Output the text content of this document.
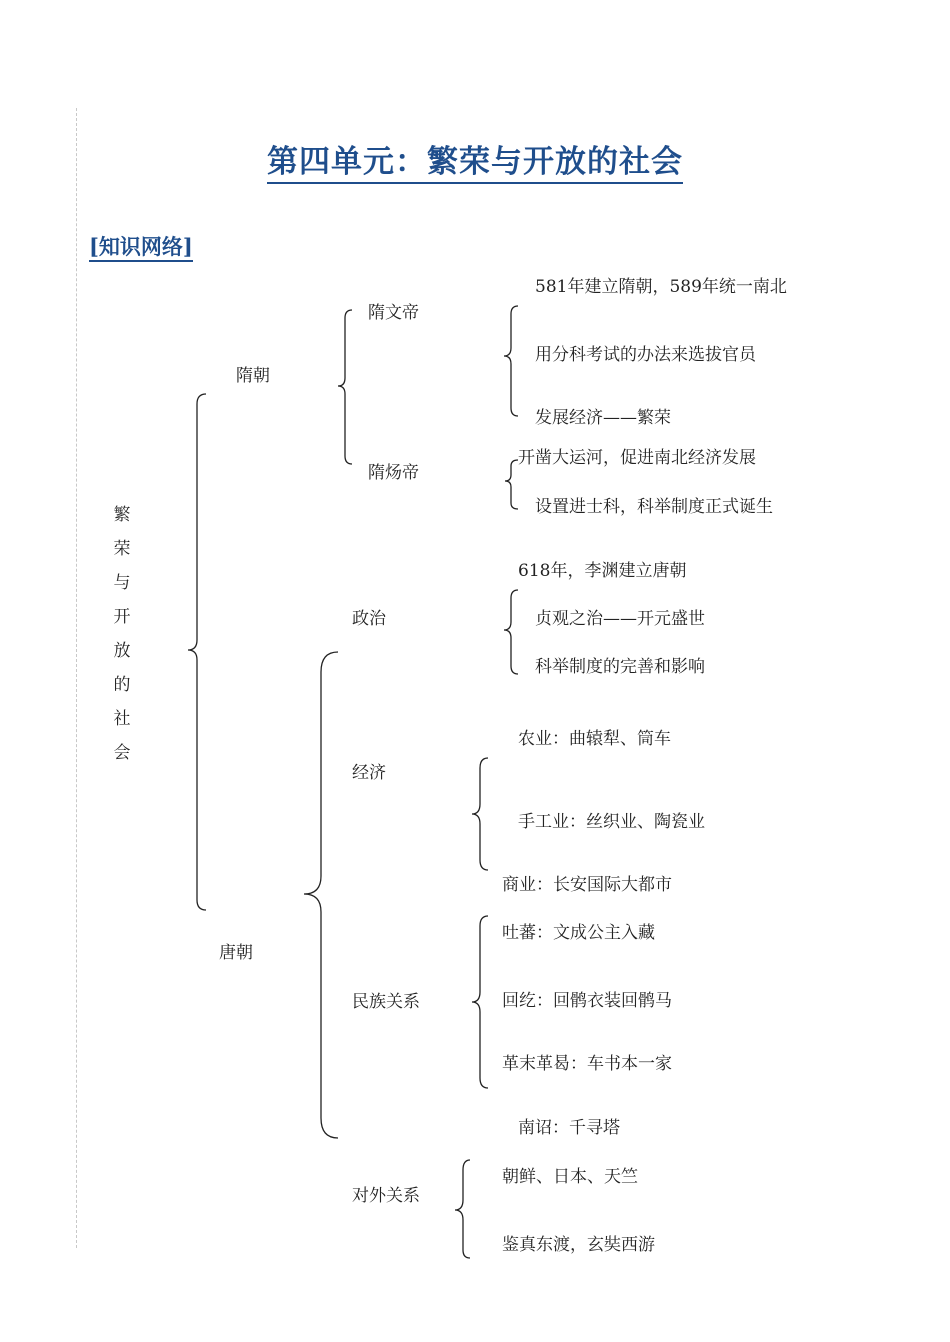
第四单元：繁荣与开放的社会
[知识网络]
繁
荣
与
开
放
的
社
会
隋朝
隋文帝
隋炀帝
581年建立隋朝，589年统一南北
用分科考试的办法来选拔官员
发展经济——繁荣
开凿大运河，促进南北经济发展
设置进士科，科举制度正式诞生
唐朝
政治
618年，李渊建立唐朝
贞观之治——开元盛世
科举制度的完善和影响
经济
农业：曲辕犁、筒车
手工业：丝织业、陶瓷业
商业：长安国际大都市
民族关系
吐蕃：文成公主入藏
回纥：回鹘衣装回鹘马
革末革曷：车书本一家
南诏：千寻塔
对外关系
朝鲜、日本、天竺
鉴真东渡，玄奘西游
